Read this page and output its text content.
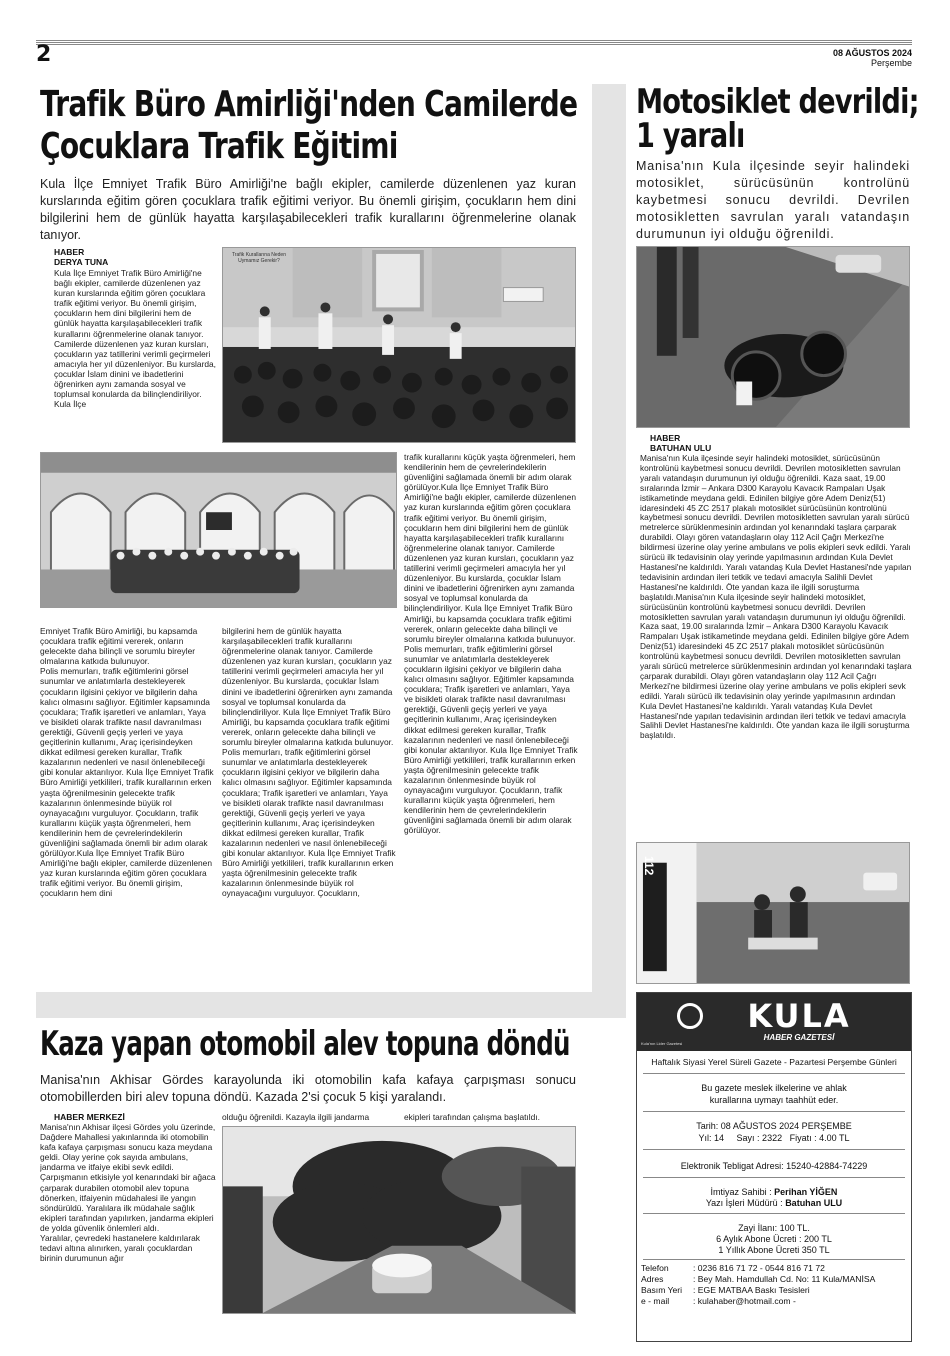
2	08 AĞUSTOS 2024
Perşembe
Trafik Büro Amirliği'nden Camilerde
Çocuklara Trafik Eğitimi
Kula İlçe Emniyet Trafik Büro Amirliği'ne bağlı ekipler, camilerde düzenlenen yaz kuran kurslarında eğitim gören çocuklara trafik eğitimi veriyor. Bu önemli girişim, çocukların hem dini bilgilerini hem de günlük hayatta karşılaşabilecekleri trafik kurallarını öğrenmelerine olanak tanıyor.
HABER
DERYA TUNA
Kula İlçe Emniyet Trafik Büro Amirliği'ne bağlı ekipler, camilerde düzenlenen yaz kuran kurslarında eğitim gören çocuklara trafik eğitimi veriyor. Bu önemli girişim, çocukların hem dini bilgilerini hem de günlük hayatta karşılaşabilecekleri trafik kurallarını öğrenmelerine olanak tanıyor. Camilerde düzenlenen yaz kuran kursları, çocukların yaz tatillerini verimli geçirmeleri amacıyla her yıl düzenleniyor. Bu kurslarda, çocuklar İslam dinini ve ibadetlerini öğrenirken aynı zamanda sosyal ve toplumsal konularda da bilinçlendiriliyor. Kula İlçe
Trafik Kurallarına Neden Uymamız Gerekir?
Emniyet Trafik Büro Amirliği, bu kapsamda çocuklara trafik eğitimi vererek, onların gelecekte daha bilinçli ve sorumlu bireyler olmalarına katkıda bulunuyor.
Polis memurları, trafik eğitimlerini görsel sunumlar ve anlatımlarla destekleyerek çocukların ilgisini çekiyor ve bilgilerin daha kalıcı olmasını sağlıyor. Eğitimler kapsamında çocuklara; Trafik işaretleri ve anlamları, Yaya ve bisikleti olarak trafikte nasıl davranılması gerektiği, Güvenli geçiş yerleri ve yaya geçitlerinin kullanımı, Araç içerisindeyken dikkat edilmesi gereken kurallar, Trafik kazalarının nedenleri ve nasıl önlenebileceği gibi konular aktarılıyor. Kula İlçe Emniyet Trafik Büro Amirliği yetkilileri, trafik kurallarının erken yaşta öğrenilmesinin gelecekte trafik kazalarının önlenmesinde büyük rol oynayacağını vurguluyor. Çocukların, trafik kurallarını küçük yaşta öğrenmeleri, hem kendilerinin hem de çevrelerindekilerin güvenliğini sağlamada önemli bir adım olarak görülüyor.Kula İlçe Emniyet Trafik Büro Amirliği'ne bağlı ekipler, camilerde düzenlenen yaz kuran kurslarında eğitim gören çocuklara trafik eğitimi veriyor. Bu önemli girişim, çocukların hem dini
bilgilerini hem de günlük hayatta karşılaşabilecekleri trafik kurallarını öğrenmelerine olanak tanıyor. Camilerde düzenlenen yaz kuran kursları, çocukların yaz tatillerini verimli geçirmeleri amacıyla her yıl düzenleniyor. Bu kurslarda, çocuklar İslam dinini ve ibadetlerini öğrenirken aynı zamanda sosyal ve toplumsal konularda da bilinçlendiriliyor. Kula İlçe Emniyet Trafik Büro Amirliği, bu kapsamda çocuklara trafik eğitimi vererek, onların gelecekte daha bilinçli ve sorumlu bireyler olmalarına katkıda bulunuyor.
Polis memurları, trafik eğitimlerini görsel sunumlar ve anlatımlarla destekleyerek çocukların ilgisini çekiyor ve bilgilerin daha kalıcı olmasını sağlıyor. Eğitimler kapsamında çocuklara; Trafik işaretleri ve anlamları, Yaya ve bisikleti olarak trafikte nasıl davranılması gerektiği, Güvenli geçiş yerleri ve yaya geçitlerinin kullanımı, Araç içerisindeyken dikkat edilmesi gereken kurallar, Trafik kazalarının nedenleri ve nasıl önlenebileceği gibi konular aktarılıyor. Kula İlçe Emniyet Trafik Büro Amirliği yetkilileri, trafik kurallarının erken yaşta öğrenilmesinin gelecekte trafik kazalarının önlenmesinde büyük rol oynayacağını vurguluyor. Çocukların,
trafik kurallarını küçük yaşta öğrenmeleri, hem kendilerinin hem de çevrelerindekilerin güvenliğini sağlamada önemli bir adım olarak görülüyor.Kula İlçe Emniyet Trafik Büro Amirliği'ne bağlı ekipler, camilerde düzenlenen yaz kuran kurslarında eğitim gören çocuklara trafik eğitimi veriyor. Bu önemli girişim, çocukların hem dini bilgilerini hem de günlük hayatta karşılaşabilecekleri trafik kurallarını öğrenmelerine olanak tanıyor. Camilerde düzenlenen yaz kuran kursları, çocukların yaz tatillerini verimli geçirmeleri amacıyla her yıl düzenleniyor. Bu kurslarda, çocuklar İslam dinini ve ibadetlerini öğrenirken aynı zamanda sosyal ve toplumsal konularda da bilinçlendiriliyor. Kula İlçe Emniyet Trafik Büro Amirliği, bu kapsamda çocuklara trafik eğitimi vererek, onların gelecekte daha bilinçli ve sorumlu bireyler olmalarına katkıda bulunuyor.
Polis memurları, trafik eğitimlerini görsel sunumlar ve anlatımlarla destekleyerek çocukların ilgisini çekiyor ve bilgilerin daha kalıcı olmasını sağlıyor. Eğitimler kapsamında çocuklara; Trafik işaretleri ve anlamları, Yaya ve bisikleti olarak trafikte nasıl davranılması gerektiği, Güvenli geçiş yerleri ve yaya geçitlerinin kullanımı, Araç içerisindeyken dikkat edilmesi gereken kurallar, Trafik kazalarının nedenleri ve nasıl önlenebileceği gibi konular aktarılıyor. Kula İlçe Emniyet Trafik Büro Amirliği yetkilileri, trafik kurallarının erken yaşta öğrenilmesinin gelecekte trafik kazalarının önlenmesinde büyük rol oynayacağını vurguluyor. Çocukların, trafik kurallarını küçük yaşta öğrenmeleri, hem kendilerinin hem de çevrelerindekilerin güvenliğini sağlamada önemli bir adım olarak görülüyor.
Motosiklet devrildi;
1 yaralı
Manisa'nın Kula ilçesinde seyir halindeki motosiklet, sürücüsünün kontrolünü kaybetmesi sonucu devrildi. Devrilen motosikletten savrulan yaralı vatandaşın durumunun iyi olduğu öğrenildi.
HABER
BATUHAN ULU
Manisa'nın Kula ilçesinde seyir halindeki motosiklet, sürücüsünün kontrolünü kaybetmesi sonucu devrildi. Devrilen motosikletten savrulan yaralı vatandaşın durumunun iyi olduğu öğrenildi. Kaza saat, 19.00 sıralarında İzmir – Ankara D300 Karayolu Kavacık Rampaları Uşak istikametinde meydana geldi. Edinilen bilgiye göre Adem Deniz(51) idaresindeki 45 ZC 2517 plakalı motosiklet sürücüsünün kontrolünü kaybetmesi sonucu devrildi. Devrilen motosikletten savrulan yaralı sürücü metrelerce sürüklenmesinin ardından yol kenarındaki taşlara çarparak durabildi. Olayı gören vatandaşların olay 112 Acil Çağrı Merkezi'ne bildirmesi üzerine olay yerine ambulans ve polis ekipleri sevk edildi. Yaralı sürücü ilk tedavisinin olay yerinde yapılmasının ardından Kula Devlet Hastanesi'ne kaldırıldı. Yaralı vatandaş Kula Devlet Hastanesi'nde yapılan tedavisinin ardından ileri tetkik ve tedavi amacıyla Salihli Devlet Hastanesi'ne kaldırıldı. Öte yandan kaza ile ilgili soruşturma başlatıldı.Manisa'nın Kula ilçesinde seyir halindeki motosiklet, sürücüsünün kontrolünü kaybetmesi sonucu devrildi. Devrilen motosikletten savrulan yaralı vatandaşın durumunun iyi olduğu öğrenildi. Kaza saat, 19.00 sıralarında İzmir – Ankara D300 Karayolu Kavacık Rampaları Uşak istikametinde meydana geldi. Edinilen bilgiye göre Adem Deniz(51) idaresindeki 45 ZC 2517 plakalı motosiklet sürücüsünün kontrolünü kaybetmesi sonucu devrildi. Devrilen motosikletten savrulan yaralı sürücü metrelerce sürüklenmesinin ardından yol kenarındaki taşlara çarparak durabildi. Olayı gören vatandaşların olay 112 Acil Çağrı Merkezi'ne bildirmesi üzerine olay yerine ambulans ve polis ekipleri sevk edildi. Yaralı sürücü ilk tedavisinin olay yerinde yapılmasının ardından Kula Devlet Hastanesi'ne kaldırıldı. Yaralı vatandaş Kula Devlet Hastanesi'nde yapılan tedavisinin ardından ileri tetkik ve tedavi amacıyla Salihli Devlet Hastanesi'ne kaldırıldı. Öte yandan kaza ile ilgili soruşturma başlatıldı.
112
Kaza yapan otomobil alev topuna döndü
Manisa'nın Akhisar Gördes karayolunda iki otomobilin kafa kafaya çarpışması sonucu otomobillerden biri alev topuna döndü. Kazada 2'si çocuk 5 kişi yaralandı.
HABER MERKEZİ
Manisa'nın Akhisar ilçesi Gördes yolu üzerinde, Dağdere Mahallesi yakınlarında iki otomobilin kafa kafaya çarpışması sonucu kaza meydana geldi. Olay yerine çok sayıda ambulans, jandarma ve itfaiye ekibi sevk edildi. Çarpışmanın etkisiyle yol kenarındaki bir ağaca çarparak durabilen otomobil alev topuna dönerken, itfaiyenin müdahalesi ile yangın söndürüldü. Yaralılara ilk müdahale sağlık ekipleri tarafından yapılırken, jandarma ekipleri de yolda güvenlik önlemleri aldı.
Yaralılar, çevredeki hastanelere kaldırılarak tedavi altına alınırken, yaralı çocuklardan birinin durumunun ağır
olduğu öğrenildi. Kazayla ilgili jandarma	ekipleri tarafından çalışma başlatıldı.
KULA
HABER GAZETESİ
Kula'nın Lider Gazetesi
Haftalık Siyasi Yerel Süreli Gazete - Pazartesi Perşembe Günleri
Bu gazete meslek ilkelerine ve ahlak
kurallarına uymayı taahhüt eder.
Tarih: 08 AĞUSTOS 2024 PERŞEMBE
Yıl: 14     Sayı : 2322   Fiyatı : 4.00 TL
Elektronik Tebligat Adresi: 15240-42884-74229
İmtiyaz Sahibi : Perihan YİĞEN
Yazı İşleri Müdürü : Batuhan ULU
Zayi İlanı: 100 TL.
6 Aylık Abone Ücreti : 200 TL
1 Yıllık Abone Ücreti 350 TL
Telefon	: 0236 816 71 72 - 0544 816 71 72
Adres	: Bey Mah. Hamdullah Cd. No: 11 Kula/MANİSA
Basım Yeri : EGE MATBAA Baskı Tesisleri
e - mail	: kulahaber@hotmail.com -
